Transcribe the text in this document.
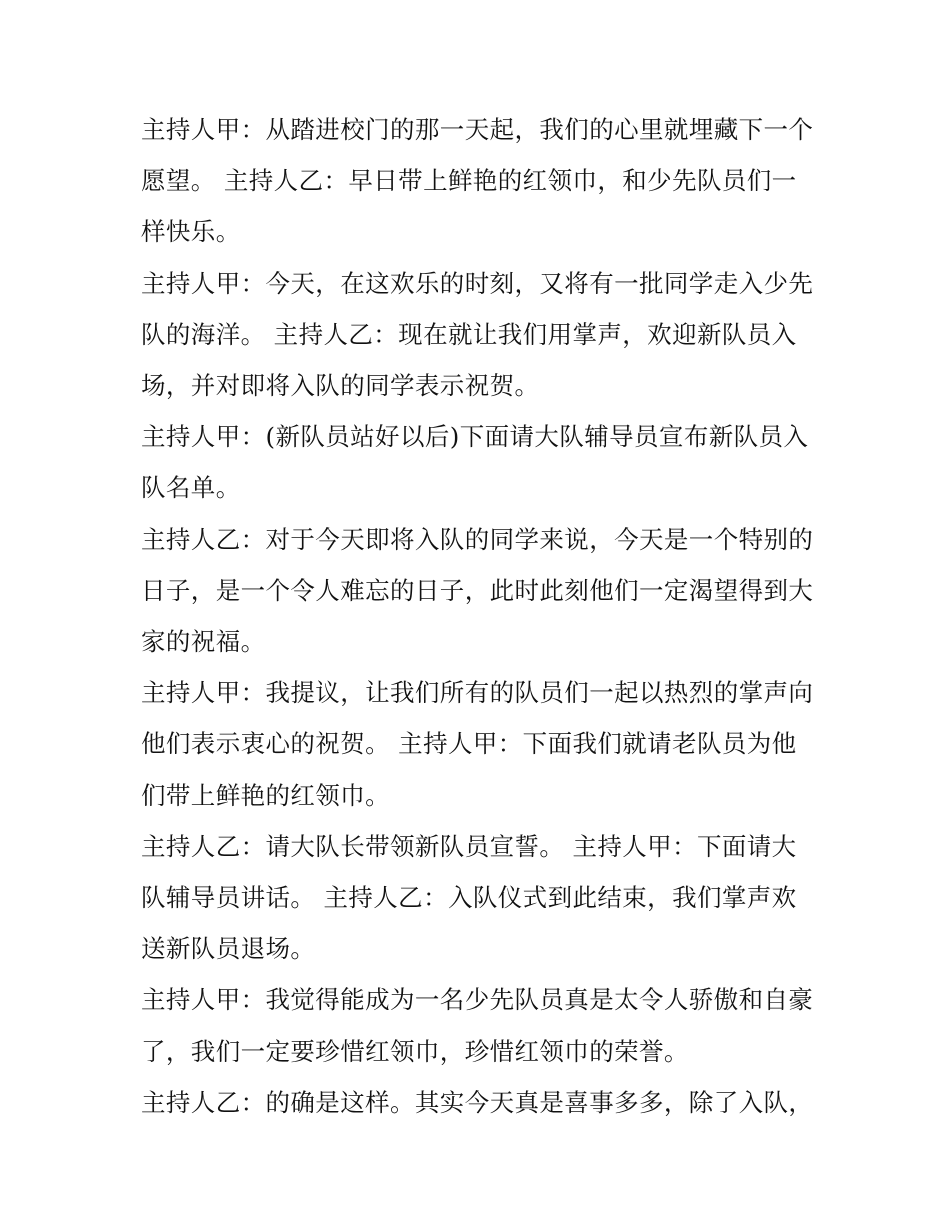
主持人甲：从踏进校门的那一天起，我们的心里就埋藏下一个愿望。 主持人乙：早日带上鲜艳的红领巾，和少先队员们一样快乐。

主持人甲：今天，在这欢乐的时刻，又将有一批同学走入少先队的海洋。 主持人乙：现在就让我们用掌声，欢迎新队员入场，并对即将入队的同学表示祝贺。

主持人甲：(新队员站好以后)下面请大队辅导员宣布新队员入队名单。

主持人乙：对于今天即将入队的同学来说，今天是一个特别的日子，是一个令人难忘的日子，此时此刻他们一定渴望得到大家的祝福。

主持人甲：我提议，让我们所有的队员们一起以热烈的掌声向他们表示衷心的祝贺。 主持人甲：下面我们就请老队员为他们带上鲜艳的红领巾。

主持人乙：请大队长带领新队员宣誓。 主持人甲：下面请大队辅导员讲话。 主持人乙：入队仪式到此结束，我们掌声欢送新队员退场。

主持人甲：我觉得能成为一名少先队员真是太令人骄傲和自豪了，我们一定要珍惜红领巾，珍惜红领巾的荣誉。

主持人乙：的确是这样。其实今天真是喜事多多，除了入队，
